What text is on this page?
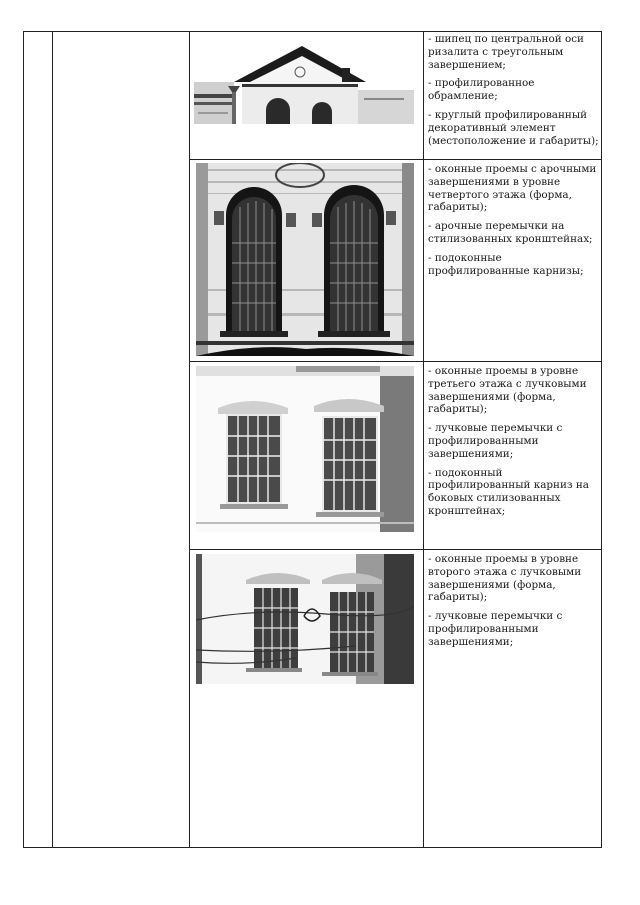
- шипец по центральной оси ризалита с треугольным завершением;

- профилированное обрамление;

- круглый профилированный декоративный элемент (местоположение и габариты);

- оконные проемы с арочными завершениями в уровне четвертого этажа (форма, габариты);

- арочные перемычки на стилизованных кронштейнах;

- подоконные профилированные карнизы;

- оконные проемы в уровне третьего этажа с лучковыми завершениями (форма, габариты);

- лучковые перемычки с профилированными завершениями;

- подоконный профилированный карниз на боковых стилизованных кронштейнах;

- оконные проемы в уровне второго этажа с лучковыми завершениями (форма, габариты);

- лучковые перемычки с профилированными завершениями;
